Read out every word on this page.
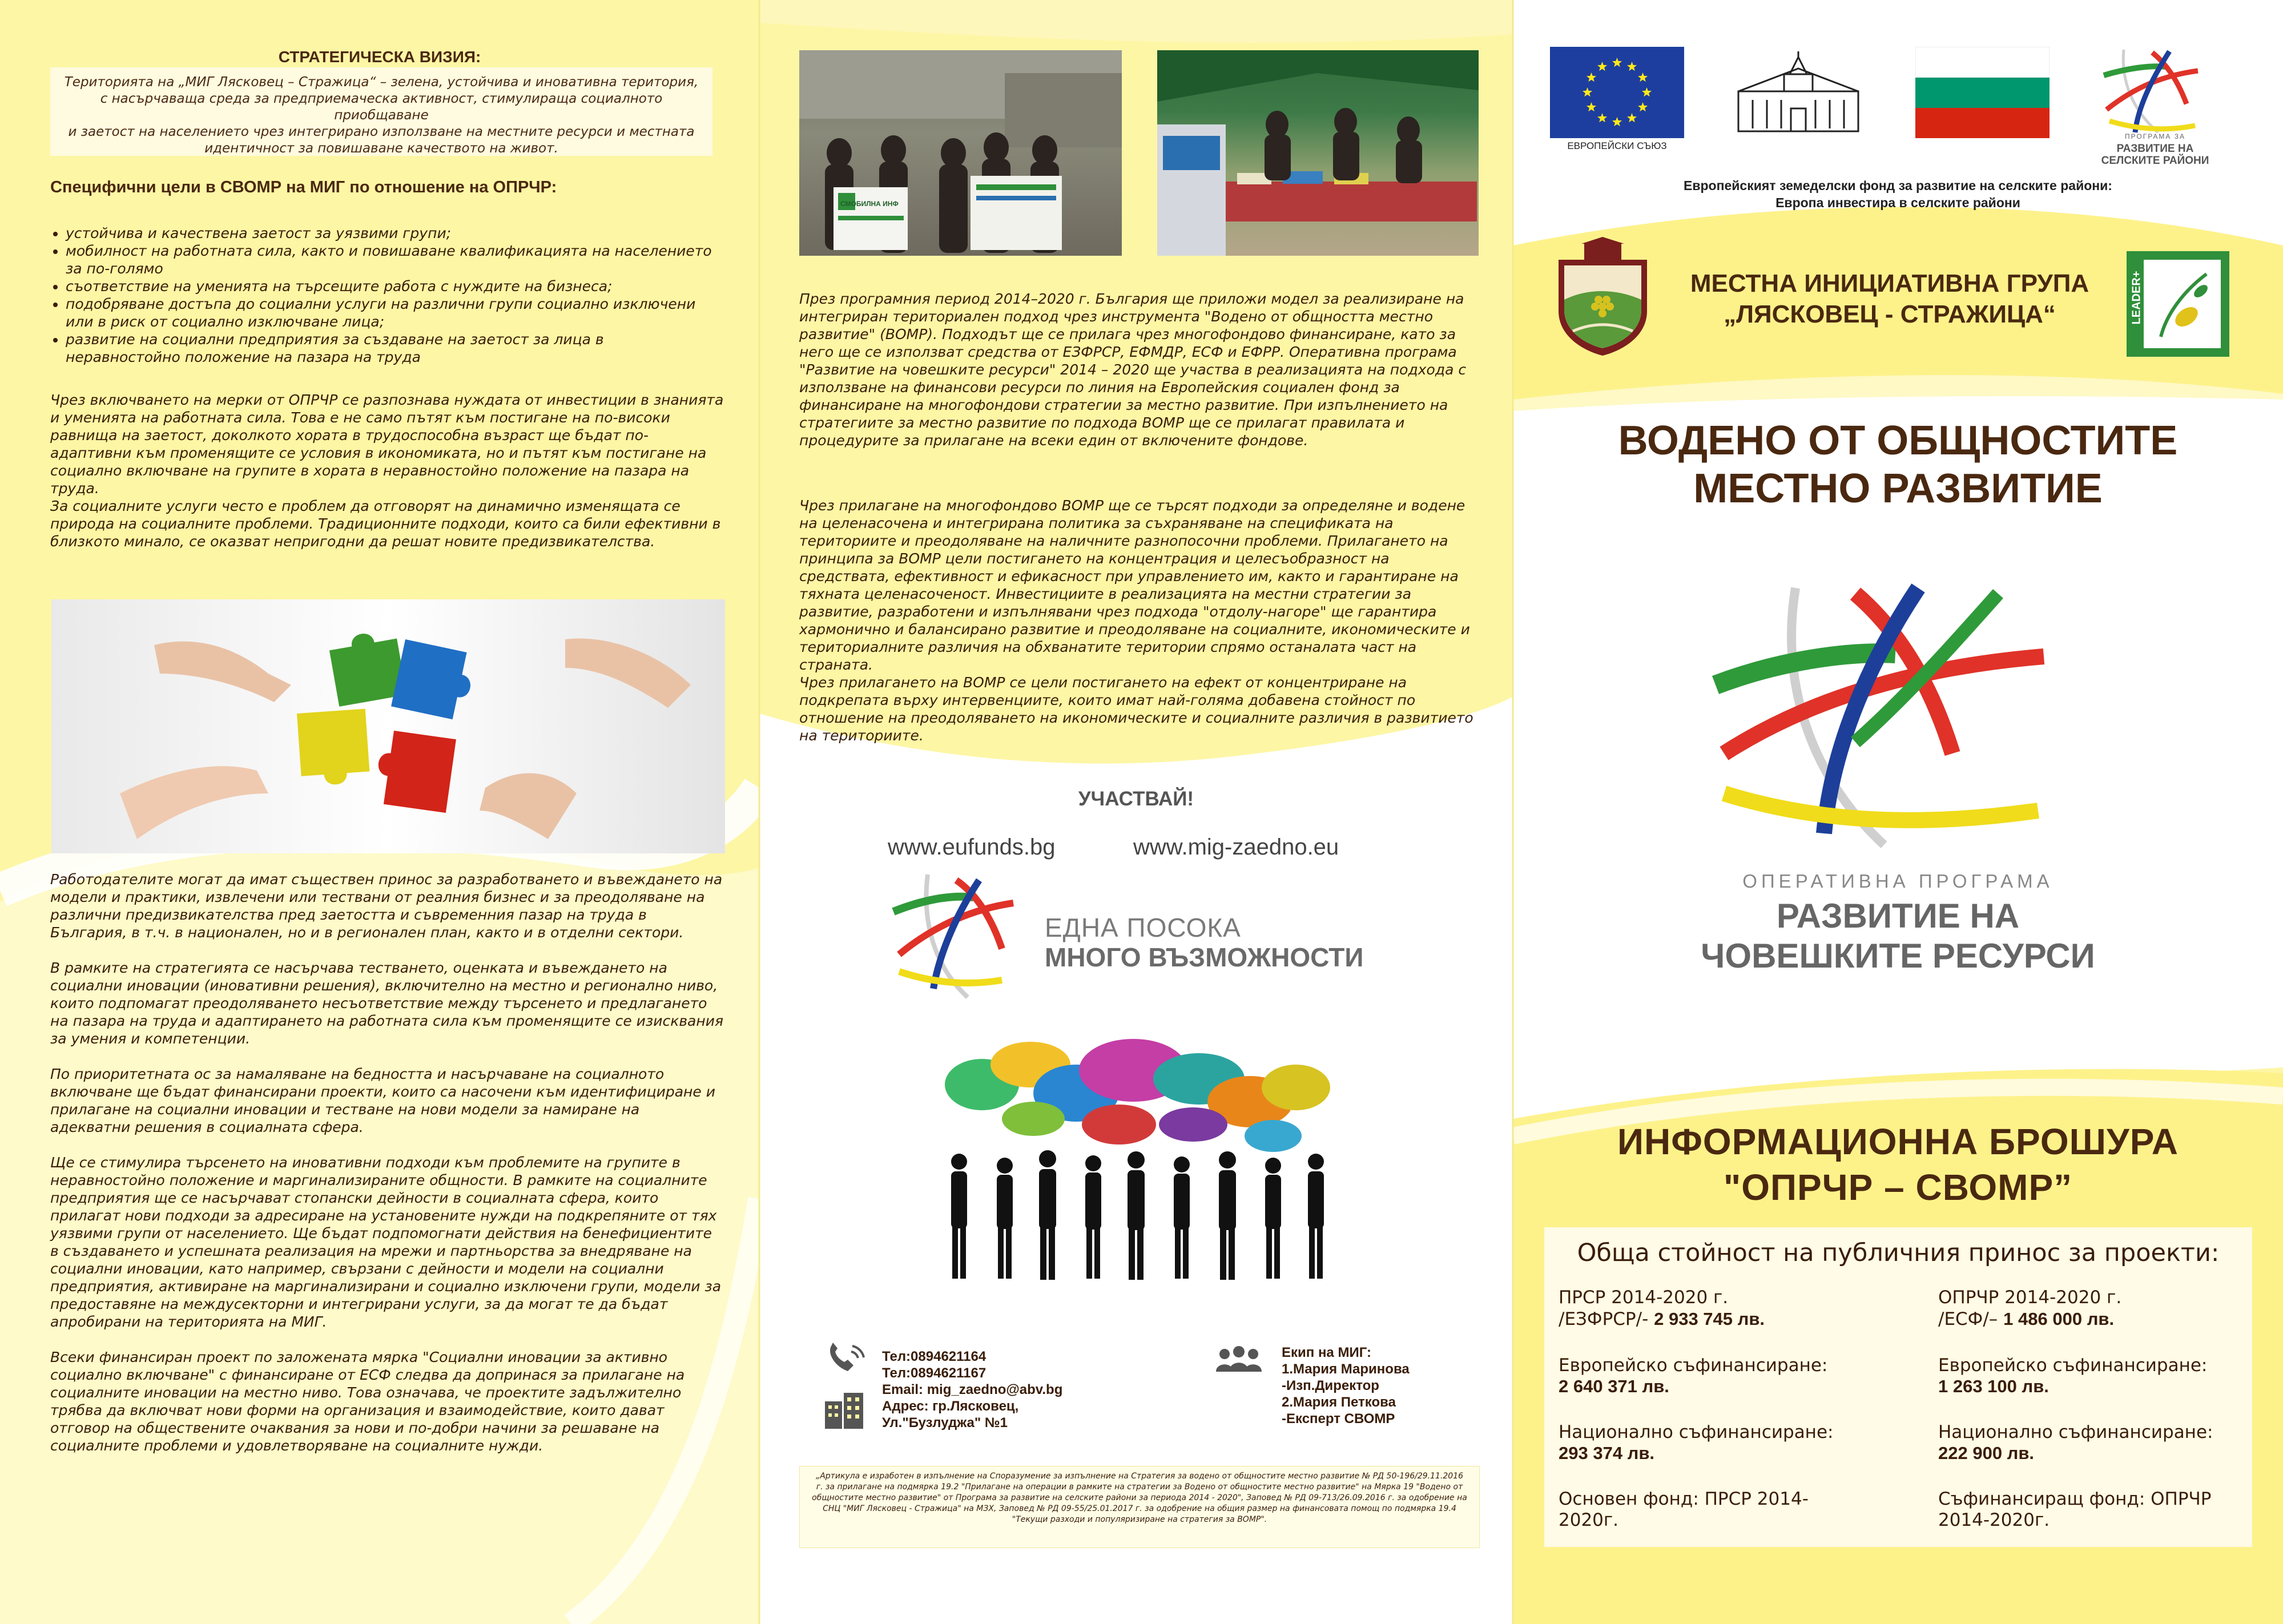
СТРАТЕГИЧЕСКА ВИЗИЯ:
Територията на „МИГ Лясковец – Стражица“ – зелена, устойчива и иновативна територия,
с насърчаваща среда за предприемаческа активност, стимулираща социалното приобщаване
и заетост на населението чрез интегрирано използване на местните ресурси и местната
идентичност за повишаване качеството на живот.
Специфични цели в СВОМР на МИГ по отношение на ОПРЧР:
• устойчива и качествена заетост за уязвими групи;
• мобилност на работната сила, както и повишаване квалификацията на населението за по-голямо
• съответствие на уменията на търсещите работа с нуждите на бизнеса;
• подобряване достъпа до социални услуги на различни групи социално изключени или в риск от социално изключване лица;
• развитие на социални предприятия за създаване на заетост за лица в неравностойно положение на пазара на труда
Чрез включването на мерки от ОПРЧР се разпознава нуждата от инвестиции в знанията и уменията на работната сила. Това е не само пътят към постигане на по-високи равнища на заетост, доколкото хората в трудоспособна възраст ще бъдат по-адаптивни към променящите се условия в икономиката, но и пътят към постигане на социално включване на групите в хората в неравностойно положение на пазара на труда.
За социалните услуги често е проблем да отговорят на динамично изменящата се природа на социалните проблеми. Традиционните подходи, които са били ефективни в близкото минало, се оказват непригодни да решат новите предизвикателства.

Работодателите могат да имат съществен принос за разработването и въвеждането на модели и практики, извлечени или тествани от реалния бизнес и за преодоляване на различни предизвикателства пред заетостта и съвременния пазар на труда в България, в т.ч. в национален, но и в регионален план, както и в отделни сектори.

В рамките на стратегията се насърчава тестването, оценката и въвеждането на социални иновации (иновативни решения), включително на местно и регионално ниво, които подпомагат преодоляването несъответствие между търсенето и предлагането на пазара на труда и адаптирането на работната сила към променящите се изисквания за умения и компетенции.

По приоритетната ос за намаляване на бедността и насърчаване на социалното включване ще бъдат финансирани проекти, които са насочени към идентифициране и прилагане на социални иновации и тестване на нови модели за намиране на адекватни решения в социалната сфера.

Ще се стимулира търсенето на иновативни подходи към проблемите на групите в неравностойно положение и маргинализираните общности. В рамките на социалните предприятия ще се насърчават стопански дейности в социалната сфера, които прилагат нови подходи за адресиране на установените нужди на подкрепяните от тях уязвими групи от населението. Ще бъдат подпомогнати действия на бенефициентите в създаването и успешната реализация на мрежи и партньорства за внедряване на социални иновации, като например, свързани с дейности и модели на социални предприятия, активиране на маргинализирани и социално изключени групи, модели за предоставяне на междусекторни и интегрирани услуги, за да могат те да бъдат апробирани на територията на МИГ.

Всеки финансиран проект по заложената мярка "Социални иновации за активно социално включване" с финансиране от ЕСФ следва да допринася за прилагане на социалните иновации на местно ниво. Това означава, че проектите задължително трябва да включват нови форми на организация и взаимодействие, които дават отговор на обществените очаквания за нови и по-добри начини за решаване на социалните проблеми и удовлетворяване на социалните нужди.

СМОБИЛНА ИНФ
През програмния период 2014–2020 г. България ще приложи модел за реализиране на интегриран териториален подход чрез инструмента "Водено от общността местно развитие" (ВОМР). Подходът ще се прилага чрез многофондово финансиране, като за него ще се използват средства от ЕЗФРСР, ЕФМДР, ЕСФ и ЕФРР. Оперативна програма "Развитие на човешките ресурси" 2014 – 2020 ще участва в реализацията на подхода с използване на финансови ресурси по линия на Европейския социален фонд за финансиране на многофондови стратегии за местно развитие. При изпълнението на стратегиите за местно развитие по подхода ВОМР ще се прилагат правилата и процедурите за прилагане на всеки един от включените фондове.
Чрез прилагане на многофондово ВОМР ще се търсят подходи за определяне и водене на целенасочена и интегрирана политика за съхраняване на спецификата на териториите и преодоляване на наличните разнопосочни проблеми. Прилагането на принципа за ВОМР цели постигането на концентрация и целесъобразност на средствата, ефективност и ефикасност при управлението им, както и гарантиране на тяхната целенасоченост. Инвестициите в реализацията на местни стратегии за развитие, разработени и изпълнявани чрез подхода "отдолу-нагоре" ще гарантира хармонично и балансирано развитие и преодоляване на социалните, икономическите и териториалните различия на обхванатите територии спрямо останалата част на страната.
Чрез прилагането на ВОМР се цели постигането на ефект от концентриране на подкрепата върху интервенциите, които имат най-голяма добавена стойност по отношение на преодоляването на икономическите и социалните различия в развитието на териториите.
УЧАСТВАЙ!
www.eufunds.bg	www.mig-zaedno.eu
ЕДНА ПОСОКА
МНОГО ВЪЗМОЖНОСТИ
Тел:0894621164
Тел:0894621167
Email: mig_zaedno@abv.bg
Адрес: гр.Лясковец,
Ул."Бузлуджа" №1
Екип на МИГ:
1.Мария Маринова
-Изп.Директор
2.Мария Петкова
-Експерт СВОМР
„Артикула е изработен в изпълнение на Споразумение за изпълнение на Стратегия за водено от общностите местно развитие № РД 50-196/29.11.2016 г. за прилагане на подмярка 19.2 "Прилагане на операции в рамките на стратегии за Водено от общностите местно развитие" на Мярка 19 "Водено от общностите местно развитие" от Програма за развитие на селските райони за периода 2014 - 2020", Заповед № РД 09-713/26.09.2016 г. за одобрение на СНЦ "МИГ Лясковец - Стражица" на МЗХ, Заповед № РД 09-55/25.01.2017 г. за одобрение на общия размер на финансовата помощ по подмярка 19.4 "Текущи разходи и популяризиране на стратегия за ВОМР".
ЕВРОПЕЙСКИ СЪЮЗ
ПРОГРАМА ЗА
РАЗВИТИЕ НА
СЕЛСКИТЕ РАЙОНИ
Европейският земеделски фонд за развитие на селските райони:
Европа инвестира в селските райони
МЕСТНА ИНИЦИАТИВНА ГРУПА
„ЛЯСКОВЕЦ - СТРАЖИЦА“	LEADER+
ВОДЕНО ОТ ОБЩНОСТИТЕ
МЕСТНО РАЗВИТИЕ
ОПЕРАТИВНА ПРОГРАМА
РАЗВИТИЕ НА
ЧОВЕШКИТЕ РЕСУРСИ
ИНФОРМАЦИОННА БРОШУРА
"ОПРЧР – СВОМР”
Обща стойност на публичния принос за проекти:
ПРСР 2014-2020 г.
/ЕЗФРСР/- 2 933 745 лв.
Европейско съфинансиране:
2 640 371 лв.
Национално съфинансиране:
293 374 лв.
Основен фонд: ПРСР 2014-
2020г.
ОПРЧР 2014-2020 г.
/ЕСФ/– 1 486 000 лв.
Европейско съфинансиране:
1 263 100 лв.
Национално съфинансиране:
222 900 лв.
Съфинансиращ фонд: ОПРЧР
2014-2020г.
